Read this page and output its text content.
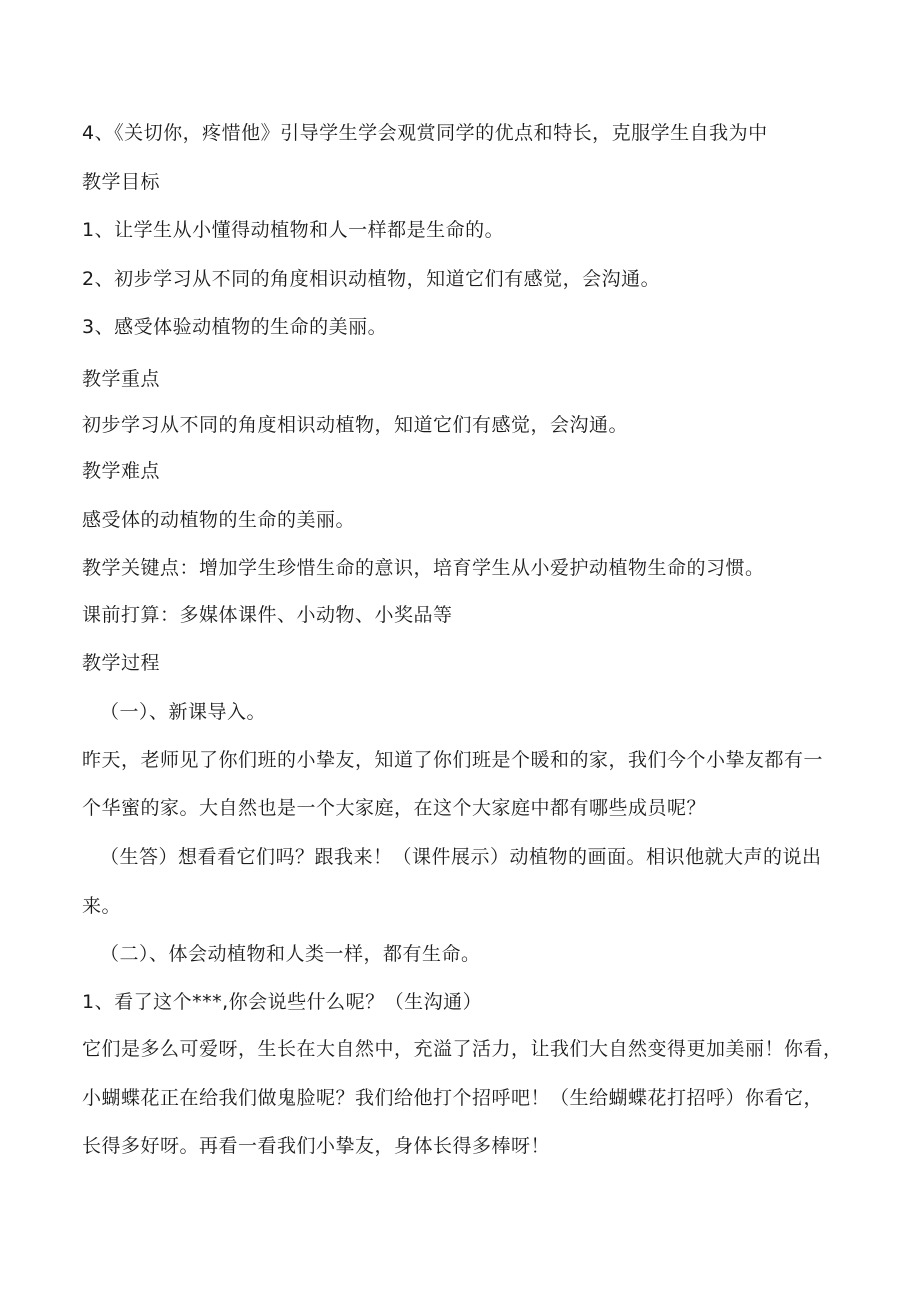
4、《关切你，疼惜他》引导学生学会观赏同学的优点和特长，克服学生自我为中
教学目标
1、让学生从小懂得动植物和人一样都是生命的。
2、初步学习从不同的角度相识动植物，知道它们有感觉，会沟通。
3、感受体验动植物的生命的美丽。
教学重点
初步学习从不同的角度相识动植物，知道它们有感觉，会沟通。
教学难点
感受体的动植物的生命的美丽。
教学关键点：增加学生珍惜生命的意识，培育学生从小爱护动植物生命的习惯。
课前打算：多媒体课件、小动物、小奖品等
教学过程
（一）、新课导入。
昨天，老师见了你们班的小挚友，知道了你们班是个暖和的家，我们今个小挚友都有一
个华蜜的家。大自然也是一个大家庭，在这个大家庭中都有哪些成员呢？
（生答）想看看它们吗？跟我来！（课件展示）动植物的画面。相识他就大声的说出
来。
（二）、体会动植物和人类一样，都有生命。
1、看了这个***,你会说些什么呢？（生沟通）
它们是多么可爱呀，生长在大自然中，充溢了活力，让我们大自然变得更加美丽！你看，
小蝴蝶花正在给我们做鬼脸呢？我们给他打个招呼吧！（生给蝴蝶花打招呼）你看它，
长得多好呀。再看一看我们小挚友，身体长得多棒呀！
